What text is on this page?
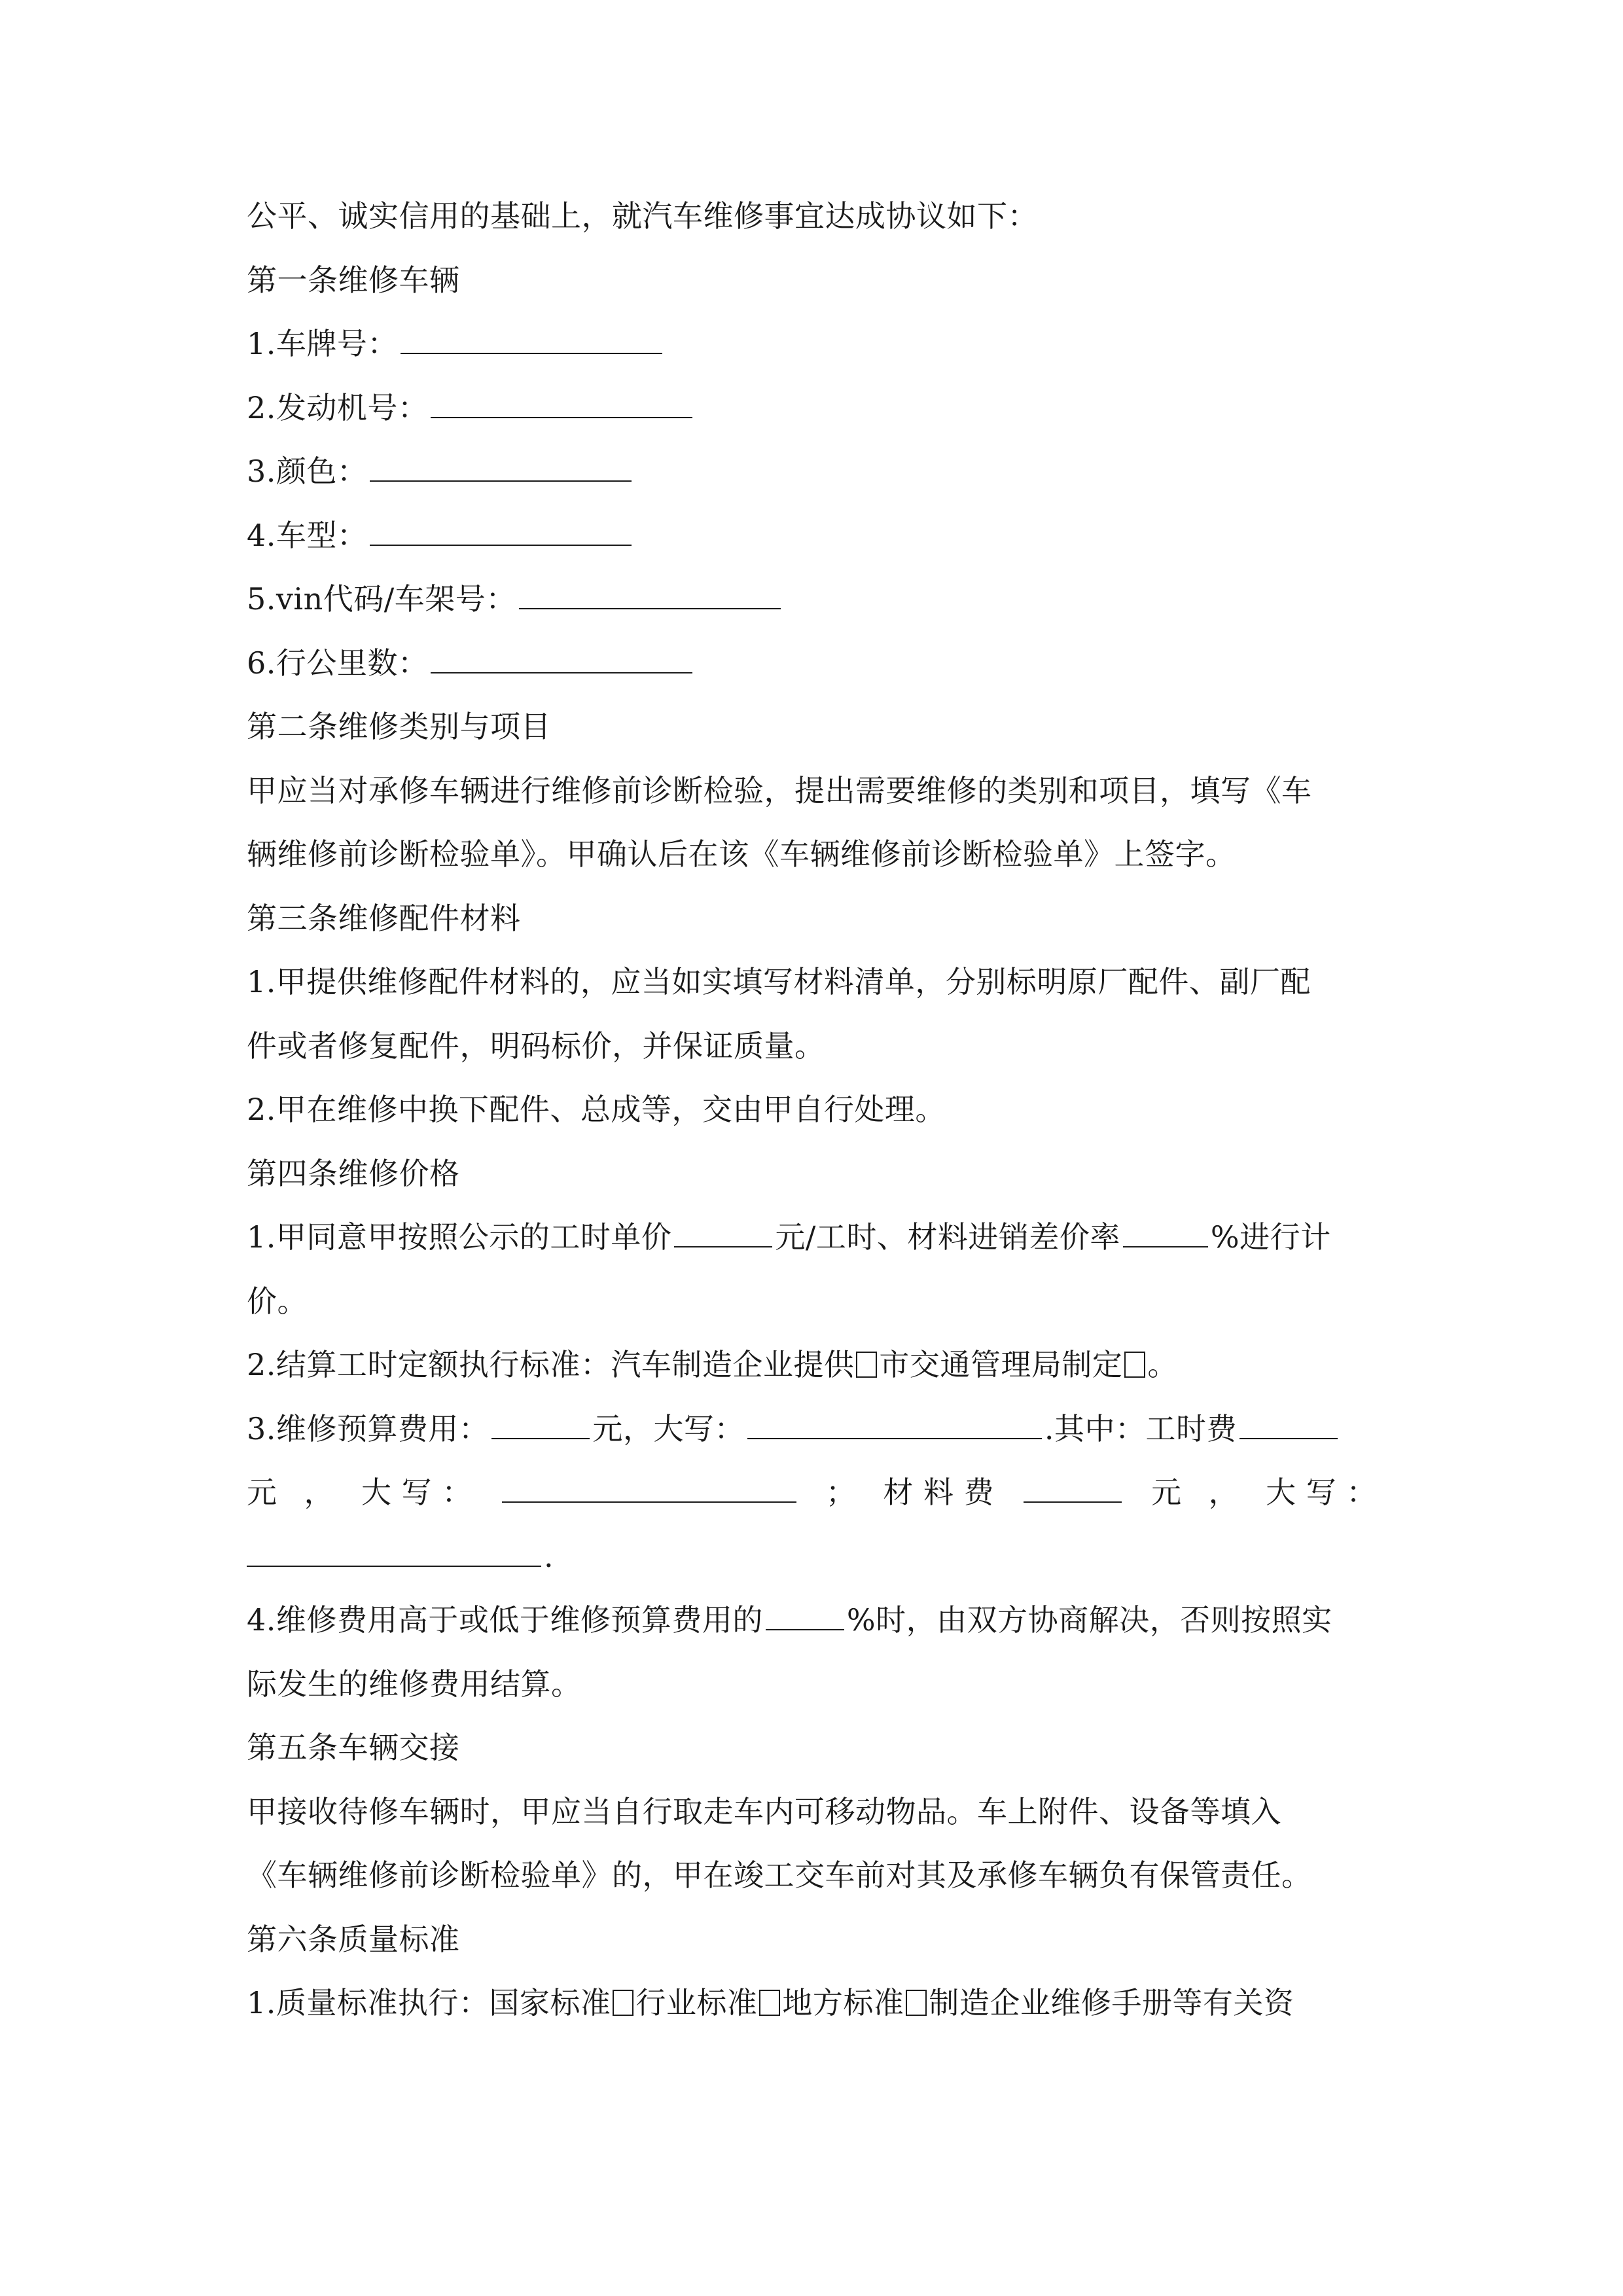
公平、诚实信用的基础上，就汽车维修事宜达成协议如下：
第一条维修车辆
1.车牌号：
2.发动机号：
3.颜色：
4.车型：
5.vin代码/车架号：
6.行公里数：
第二条维修类别与项目
甲应当对承修车辆进行维修前诊断检验，提出需要维修的类别和项目，填写《车
辆维修前诊断检验单》。甲确认后在该《车辆维修前诊断检验单》上签字。
第三条维修配件材料
1.甲提供维修配件材料的，应当如实填写材料清单，分别标明原厂配件、副厂配
件或者修复配件，明码标价，并保证质量。
2.甲在维修中换下配件、总成等，交由甲自行处理。
第四条维修价格
1.甲同意甲按照公示的工时单价	元/工时、材料进销差价率	%进行计
价。
2.结算工时定额执行标准：汽车制造企业提供 市交通管理局制定 。
3.维修预算费用：	元，大写：	.其中：工时费
元 ， 大 写 ：	； 材 料 费	元 ， 大 写 ：
.
4.维修费用高于或低于维修预算费用的	%时，由双方协商解决，否则按照实
际发生的维修费用结算。
第五条车辆交接
甲接收待修车辆时，甲应当自行取走车内可移动物品。车上附件、设备等填入
《车辆维修前诊断检验单》的，甲在竣工交车前对其及承修车辆负有保管责任。
第六条质量标准
1.质量标准执行：国家标准 行业标准 地方标准 制造企业维修手册等有关资
